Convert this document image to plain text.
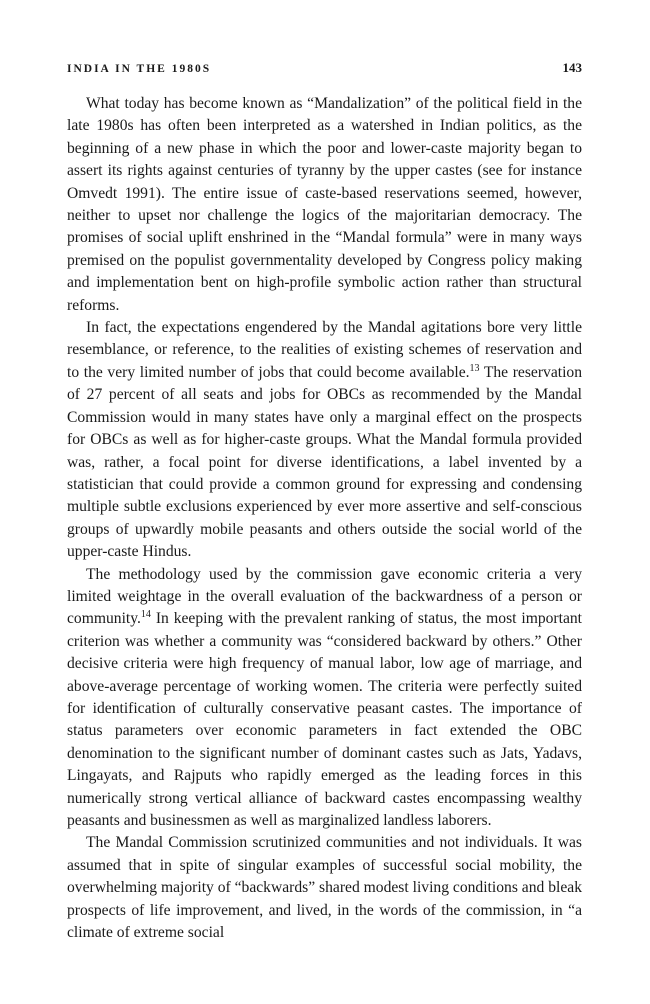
INDIA IN THE 1980S	143

What today has become known as “Mandalization” of the political field in the late 1980s has often been interpreted as a watershed in Indian politics, as the beginning of a new phase in which the poor and lower-caste majority began to assert its rights against centuries of tyranny by the upper castes (see for instance Omvedt 1991). The entire issue of caste-based reservations seemed, however, neither to upset nor challenge the logics of the majoritarian democracy. The promises of social uplift enshrined in the “Mandal formula” were in many ways premised on the populist governmentality developed by Congress policy making and implementation bent on high-profile symbolic action rather than structural reforms.

In fact, the expectations engendered by the Mandal agitations bore very little resemblance, or reference, to the realities of existing schemes of reservation and to the very limited number of jobs that could become available.$^{13}$ The reservation of 27 percent of all seats and jobs for OBCs as recommended by the Mandal Commission would in many states have only a marginal effect on the prospects for OBCs as well as for higher-caste groups. What the Mandal formula provided was, rather, a focal point for diverse identifications, a label invented by a statistician that could provide a common ground for expressing and condensing multiple subtle exclusions experienced by ever more assertive and self-conscious groups of upwardly mobile peasants and others outside the social world of the upper-caste Hindus.

The methodology used by the commission gave economic criteria a very limited weightage in the overall evaluation of the backwardness of a person or community.$^{14}$ In keeping with the prevalent ranking of status, the most important criterion was whether a community was “considered backward by others.” Other decisive criteria were high frequency of manual labor, low age of marriage, and above-average percentage of working women. The criteria were perfectly suited for identification of culturally conservative peasant castes. The importance of status parameters over economic parameters in fact extended the OBC denomination to the significant number of dominant castes such as Jats, Yadavs, Lingayats, and Rajputs who rapidly emerged as the leading forces in this numerically strong vertical alliance of backward castes encompassing wealthy peasants and businessmen as well as marginalized landless laborers.

The Mandal Commission scrutinized communities and not individuals. It was assumed that in spite of singular examples of successful social mobility, the overwhelming majority of “backwards” shared modest living conditions and bleak prospects of life improvement, and lived, in the words of the commission, in “a climate of extreme social
